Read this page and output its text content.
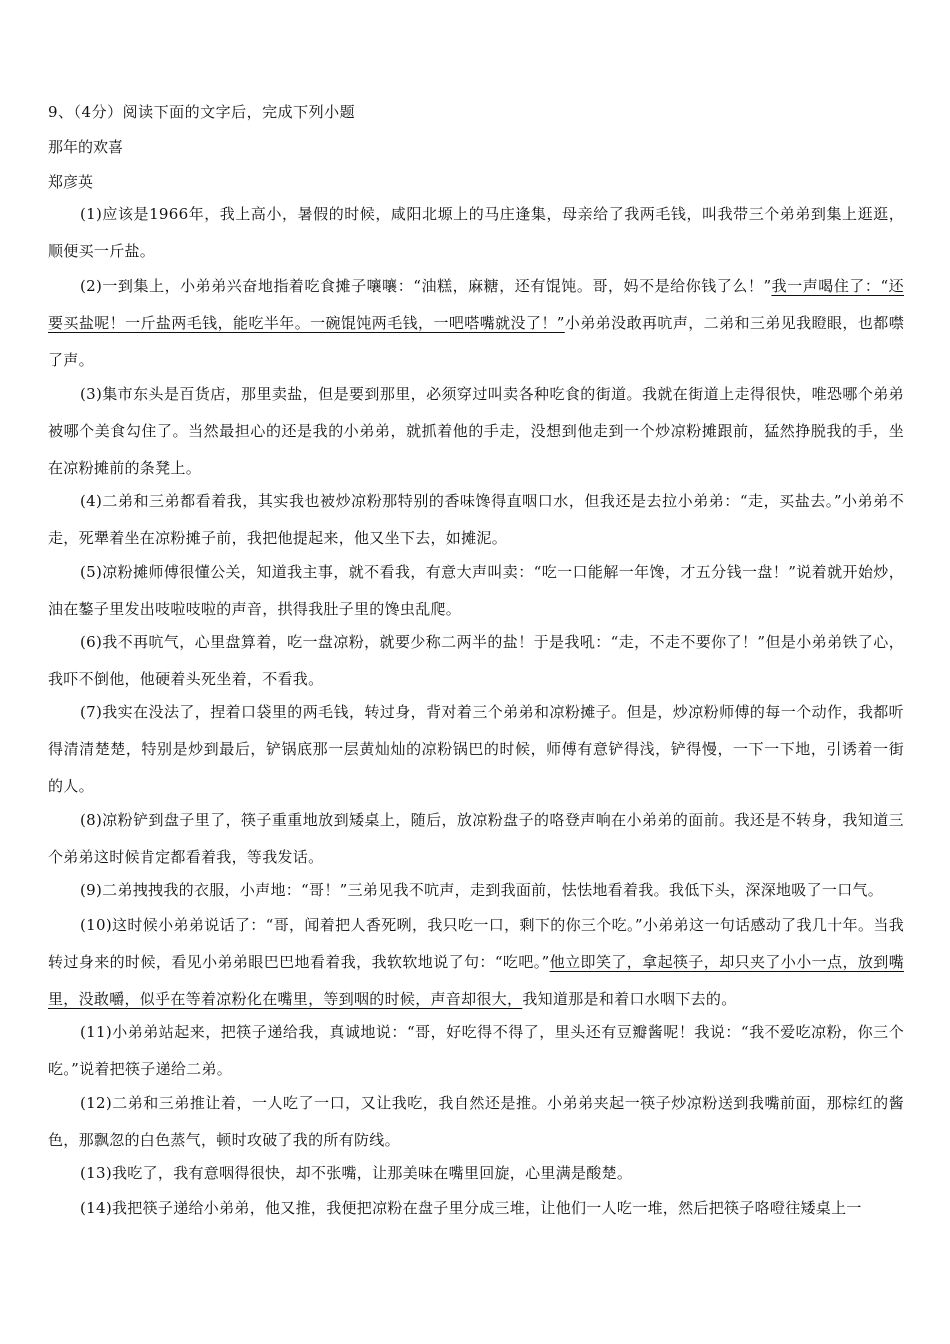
9、（4分）阅读下面的文字后，完成下列小题
那年的欢喜
郑彦英
(1)应该是1966年，我上高小，暑假的时候，咸阳北塬上的马庄逢集，母亲给了我两毛钱，叫我带三个弟弟到集上逛逛，顺便买一斤盐。
(2)一到集上，小弟弟兴奋地指着吃食摊子嚷嚷：“油糕，麻糖，还有馄饨。哥，妈不是给你钱了么！”我一声喝住了：“还要买盐呢！一斤盐两毛钱，能吃半年。一碗馄饨两毛钱，一吧嗒嘴就没了！”小弟弟没敢再吭声，二弟和三弟见我瞪眼，也都噤了声。
(3)集市东头是百货店，那里卖盐，但是要到那里，必须穿过叫卖各种吃食的街道。我就在街道上走得很快，唯恐哪个弟弟被哪个美食勾住了。当然最担心的还是我的小弟弟，就抓着他的手走，没想到他走到一个炒凉粉摊跟前，猛然挣脱我的手，坐在凉粉摊前的条凳上。
(4)二弟和三弟都看着我，其实我也被炒凉粉那特别的香味馋得直咽口水，但我还是去拉小弟弟：“走，买盐去。”小弟弟不走，死犟着坐在凉粉摊子前，我把他提起来，他又坐下去，如摊泥。
(5)凉粉摊师傅很懂公关，知道我主事，就不看我，有意大声叫卖：“吃一口能解一年馋，才五分钱一盘！”说着就开始炒，油在鏊子里发出吱啦吱啦的声音，拱得我肚子里的馋虫乱爬。
(6)我不再吭气，心里盘算着，吃一盘凉粉，就要少称二两半的盐！于是我吼：“走，不走不要你了！”但是小弟弟铁了心，我吓不倒他，他硬着头死坐着，不看我。
(7)我实在没法了，捏着口袋里的两毛钱，转过身，背对着三个弟弟和凉粉摊子。但是，炒凉粉师傅的每一个动作，我都听得清清楚楚，特别是炒到最后，铲锅底那一层黄灿灿的凉粉锅巴的时候，师傅有意铲得浅，铲得慢，一下一下地，引诱着一街的人。
(8)凉粉铲到盘子里了，筷子重重地放到矮桌上，随后，放凉粉盘子的咯登声响在小弟弟的面前。我还是不转身，我知道三个弟弟这时候肯定都看着我，等我发话。
(9)二弟拽拽我的衣服，小声地：“哥！”三弟见我不吭声，走到我面前，怯怯地看着我。我低下头，深深地吸了一口气。
(10)这时候小弟弟说话了：“哥，闻着把人香死咧，我只吃一口，剩下的你三个吃。”小弟弟这一句话感动了我几十年。当我转过身来的时候，看见小弟弟眼巴巴地看着我，我软软地说了句：“吃吧。”他立即笑了，拿起筷子，却只夹了小小一点，放到嘴里，没敢嚼，似乎在等着凉粉化在嘴里，等到咽的时候，声音却很大，我知道那是和着口水咽下去的。
(11)小弟弟站起来，把筷子递给我，真诚地说：“哥，好吃得不得了，里头还有豆瓣酱呢！我说：“我不爱吃凉粉，你三个吃。”说着把筷子递给二弟。
(12)二弟和三弟推让着，一人吃了一口，又让我吃，我自然还是推。小弟弟夹起一筷子炒凉粉送到我嘴前面，那棕红的酱色，那飘忽的白色蒸气，顿时攻破了我的所有防线。
(13)我吃了，我有意咽得很快，却不张嘴，让那美味在嘴里回旋，心里满是酸楚。
(14)我把筷子递给小弟弟，他又推，我便把凉粉在盘子里分成三堆，让他们一人吃一堆，然后把筷子咯噔往矮桌上一
